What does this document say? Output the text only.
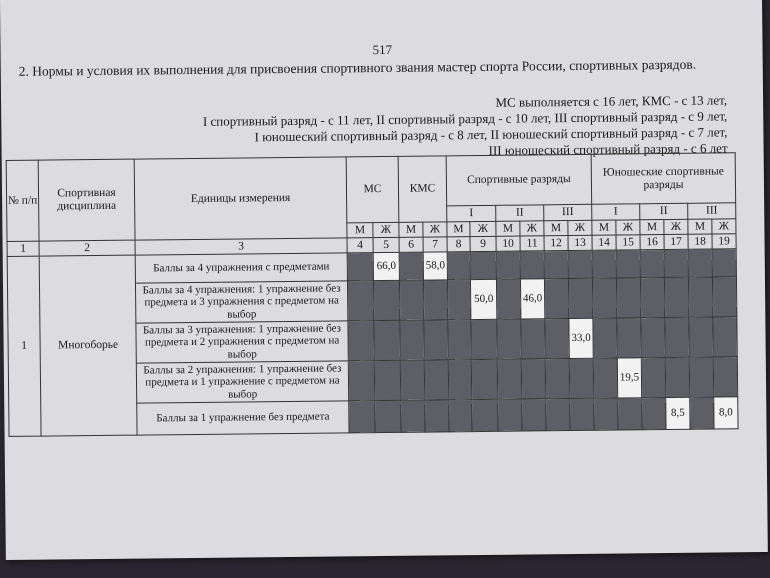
517
2. Нормы и условия их выполнения для присвоения спортивного звания мастер спорта России, спортивных разрядов.
МС выполняется с 16 лет, КМС - с 13 лет,
I спортивный разряд - с 11 лет, II спортивный разряд - с 10 лет, III спортивный разряд - с 9 лет,
I юношеский спортивный разряд - с 8 лет, II юношеский спортивный разряд - с 7 лет,
III юношеский спортивный разряд - с 6 лет
№ п/п	Спортивная дисциплина	Единицы измерения	МС		КМС		Спортивные разряды						Юношеские спортивные разряды					
							I		II		III		I		II		III	
			М	Ж	М	Ж	М	Ж	М	Ж	М	Ж	М	Ж	М	Ж	М	Ж
1	2	3	4	5	6	7	8	9	10	11	12	13	14	15	16	17	18	19
1	Многоборье	Баллы за 4 упражнения с предметами		66,0		58,0												
		Баллы за 4 упражнения: 1 упражнение без предмета и 3 упражнения с предметом на выбор						50,0		46,0								
		Баллы за 3 упражнения: 1 упражнение без предмета и 2 упражнения с предметом на выбор										33,0						
		Баллы за 2 упражнения: 1 упражнение без предмета и 1 упражнение с предметом на выбор												19,5				
		Баллы за 1 упражнение без предмета														8,5		8,0
